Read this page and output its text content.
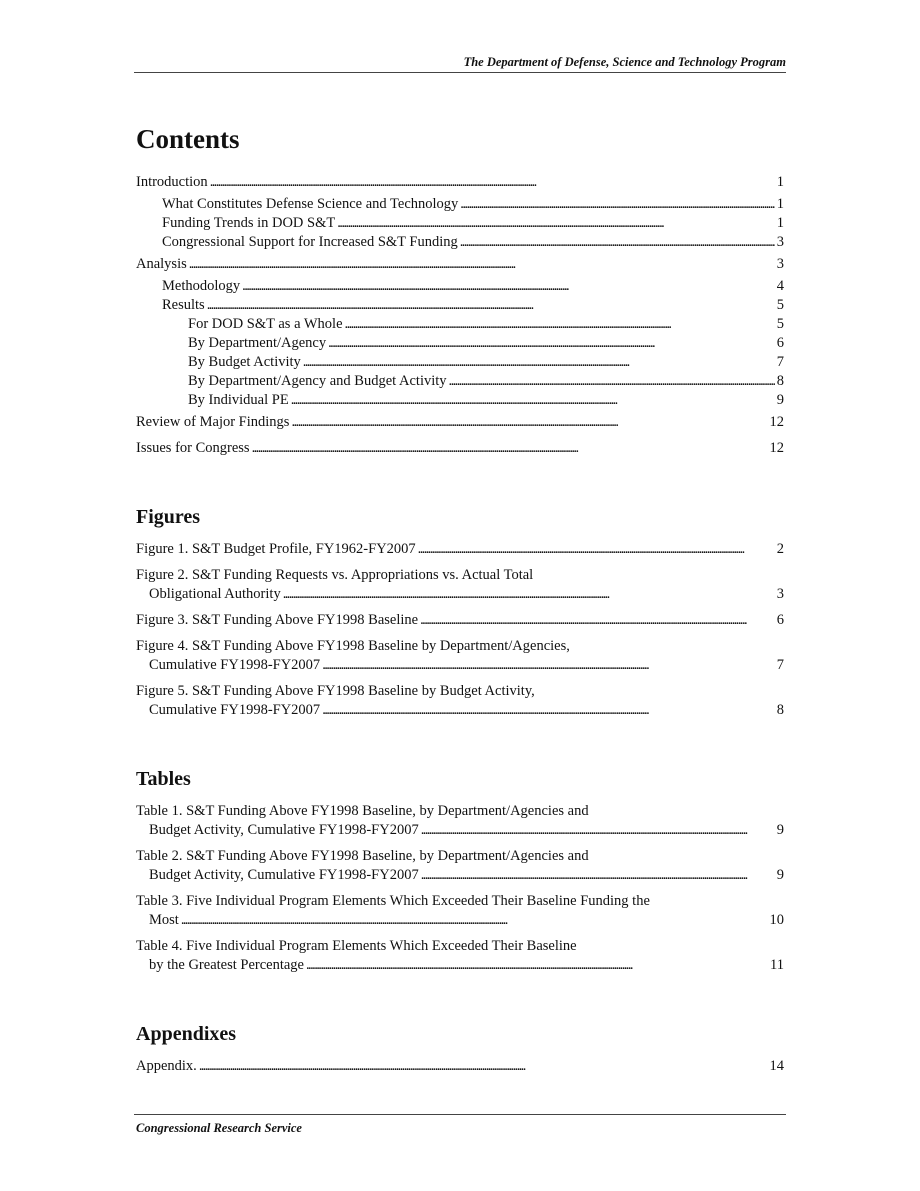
The Department of Defense, Science and Technology Program
Contents
Introduction . . .	1
What Constitutes Defense Science and Technology . . .	1
Funding Trends in DOD S&T . . .	1
Congressional Support for Increased S&T Funding . . .	3
Analysis . . .	3
Methodology . . .	4
Results . . .	5
For DOD S&T as a Whole . . .	5
By Department/Agency . . .	6
By Budget Activity . . .	7
By Department/Agency and Budget Activity . . .	8
By Individual PE . . .	9
Review of Major Findings . . .	12
Issues for Congress . . .	12
Figures
Figure 1. S&T Budget Profile, FY1962-FY2007 . . .	2
Figure 2. S&T Funding Requests vs. Appropriations vs. Actual Total
Obligational Authority . . .	3
Figure 3. S&T Funding Above FY1998 Baseline . . .	6
Figure 4. S&T Funding Above FY1998 Baseline by Department/Agencies,
Cumulative FY1998-FY2007 . . .	7
Figure 5. S&T Funding Above FY1998 Baseline by Budget Activity,
Cumulative FY1998-FY2007 . . .	8
Tables
Table 1. S&T Funding Above FY1998 Baseline, by Department/Agencies and
Budget Activity, Cumulative FY1998-FY2007 . . .	9
Table 2. S&T Funding Above FY1998 Baseline, by Department/Agencies and
Budget Activity, Cumulative FY1998-FY2007 . . .	9
Table 3. Five Individual Program Elements Which Exceeded Their Baseline Funding the
Most . . .	10
Table 4. Five Individual Program Elements Which Exceeded Their Baseline
by the Greatest Percentage . . .	11
Appendixes
Appendix. . . .	14
Congressional Research Service
